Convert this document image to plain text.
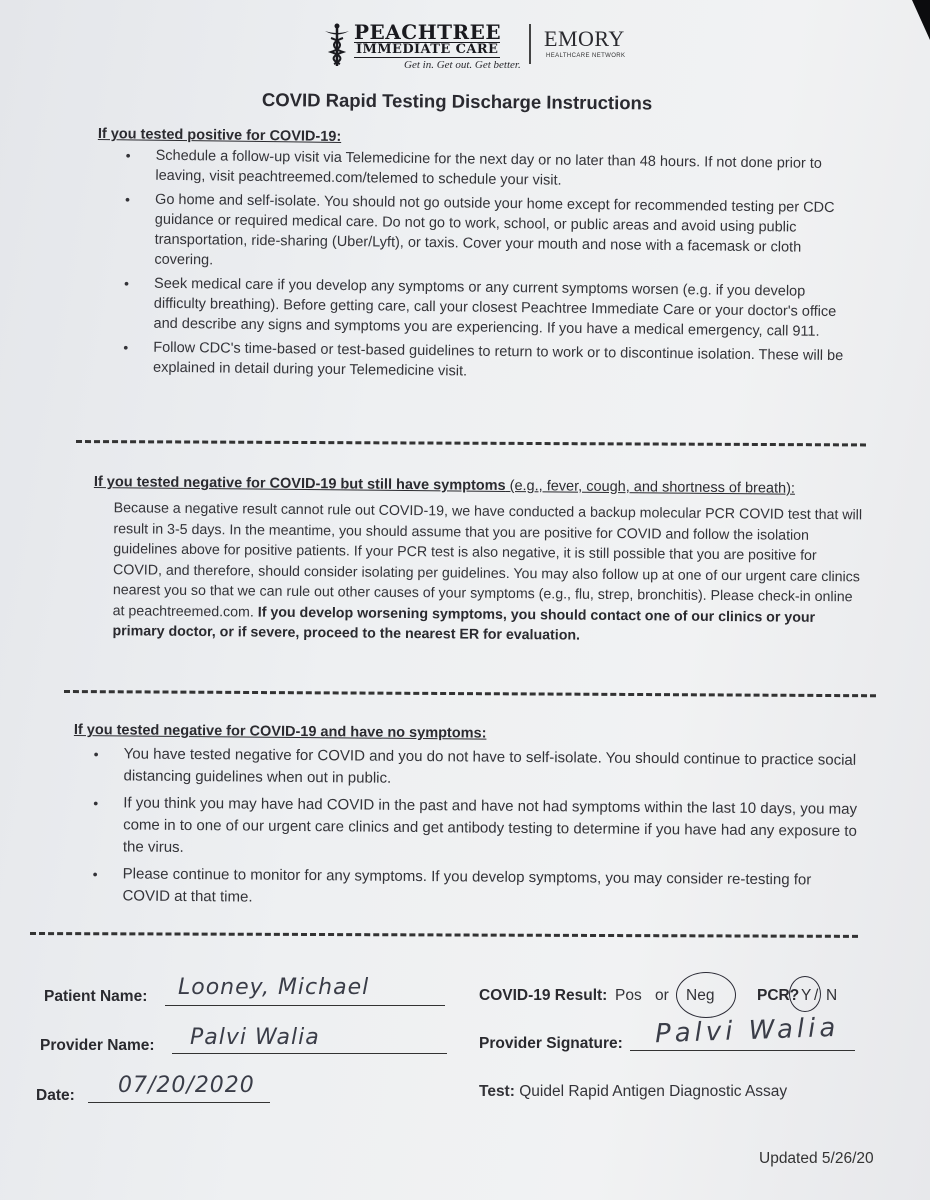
PEACHTREE
IMMEDIATE CARE
Get in. Get out. Get better.
EMORY
HEALTHCARE NETWORK
COVID Rapid Testing Discharge Instructions
If you tested positive for COVID-19:
• Schedule a follow-up visit via Telemedicine for the next day or no later than 48 hours. If not done prior to leaving, visit peachtreemed.com/telemed to schedule your visit.
• Go home and self-isolate. You should not go outside your home except for recommended testing per CDC guidance or required medical care. Do not go to work, school, or public areas and avoid using public transportation, ride-sharing (Uber/Lyft), or taxis. Cover your mouth and nose with a facemask or cloth covering.
• Seek medical care if you develop any symptoms or any current symptoms worsen (e.g. if you develop difficulty breathing). Before getting care, call your closest Peachtree Immediate Care or your doctor's office and describe any signs and symptoms you are experiencing. If you have a medical emergency, call 911.
• Follow CDC's time-based or test-based guidelines to return to work or to discontinue isolation. These will be explained in detail during your Telemedicine visit.
If you tested negative for COVID-19 but still have symptoms (e.g., fever, cough, and shortness of breath):
Because a negative result cannot rule out COVID-19, we have conducted a backup molecular PCR COVID test that will result in 3-5 days. In the meantime, you should assume that you are positive for COVID and follow the isolation guidelines above for positive patients. If your PCR test is also negative, it is still possible that you are positive for COVID, and therefore, should consider isolating per guidelines. You may also follow up at one of our urgent care clinics nearest you so that we can rule out other causes of your symptoms (e.g., flu, strep, bronchitis). Please check-in online at peachtreemed.com. If you develop worsening symptoms, you should contact one of our clinics or your primary doctor, or if severe, proceed to the nearest ER for evaluation.
If you tested negative for COVID-19 and have no symptoms:
• You have tested negative for COVID and you do not have to self-isolate. You should continue to practice social distancing guidelines when out in public.
• If you think you may have had COVID in the past and have not had symptoms within the last 10 days, you may come in to one of our urgent care clinics and get antibody testing to determine if you have had any exposure to the virus.
• Please continue to monitor for any symptoms. If you develop symptoms, you may consider re-testing for COVID at that time.
Patient Name: Looney, Michael
Provider Name: Palvi Walia
Date: 07/20/2020
COVID-19 Result: Pos or Neg	PCR? Y / N
Provider Signature: Palvi Walia
Test: Quidel Rapid Antigen Diagnostic Assay
Updated 5/26/20
